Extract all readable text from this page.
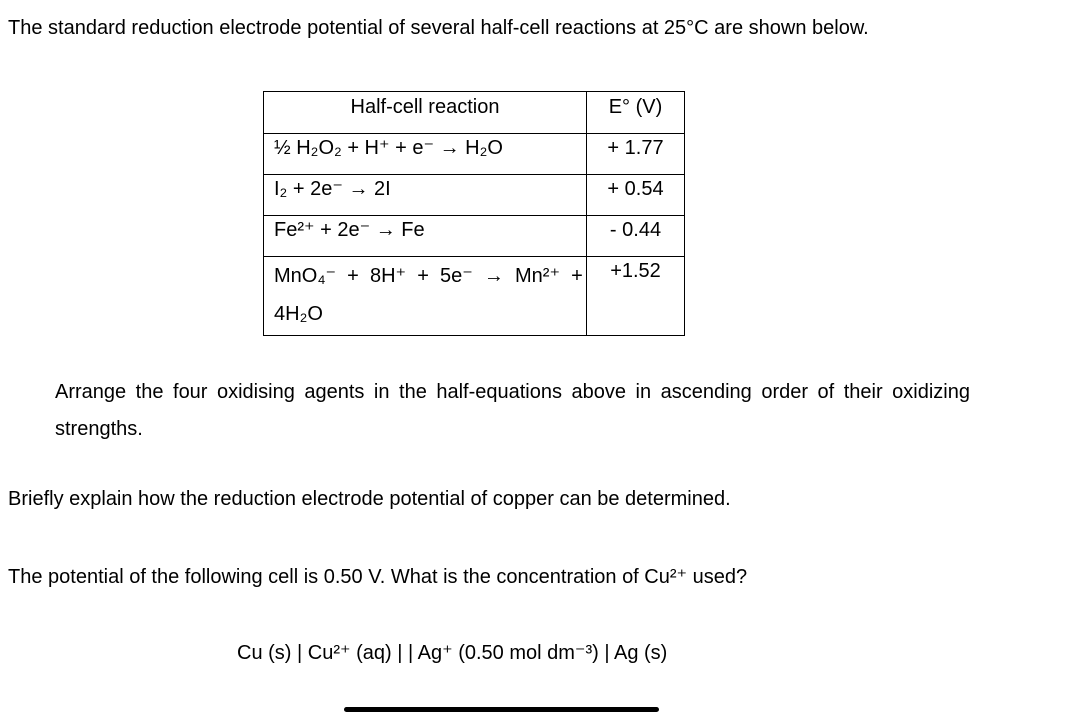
The standard reduction electrode potential of several half-cell reactions at 25°C are shown below.

Half-cell reaction	E° (V)
½ H₂O₂ + H⁺ + e⁻ → H₂O	+ 1.77
I₂ + 2e⁻ → 2I	+ 0.54
Fe²⁺ + 2e⁻ → Fe	- 0.44

MnO₄⁻  +  8H⁺  +  5e⁻  →  Mn²⁺  +
4H₂O	+1.52

Arrange the four oxidising agents in the half-equations above in ascending order of their oxidizing strengths.

Briefly explain how the reduction electrode potential of copper can be determined.

The potential of the following cell is 0.50 V. What is the concentration of Cu²⁺ used?

Cu (s) | Cu²⁺ (aq) | | Ag⁺ (0.50 mol dm⁻³) | Ag (s)
